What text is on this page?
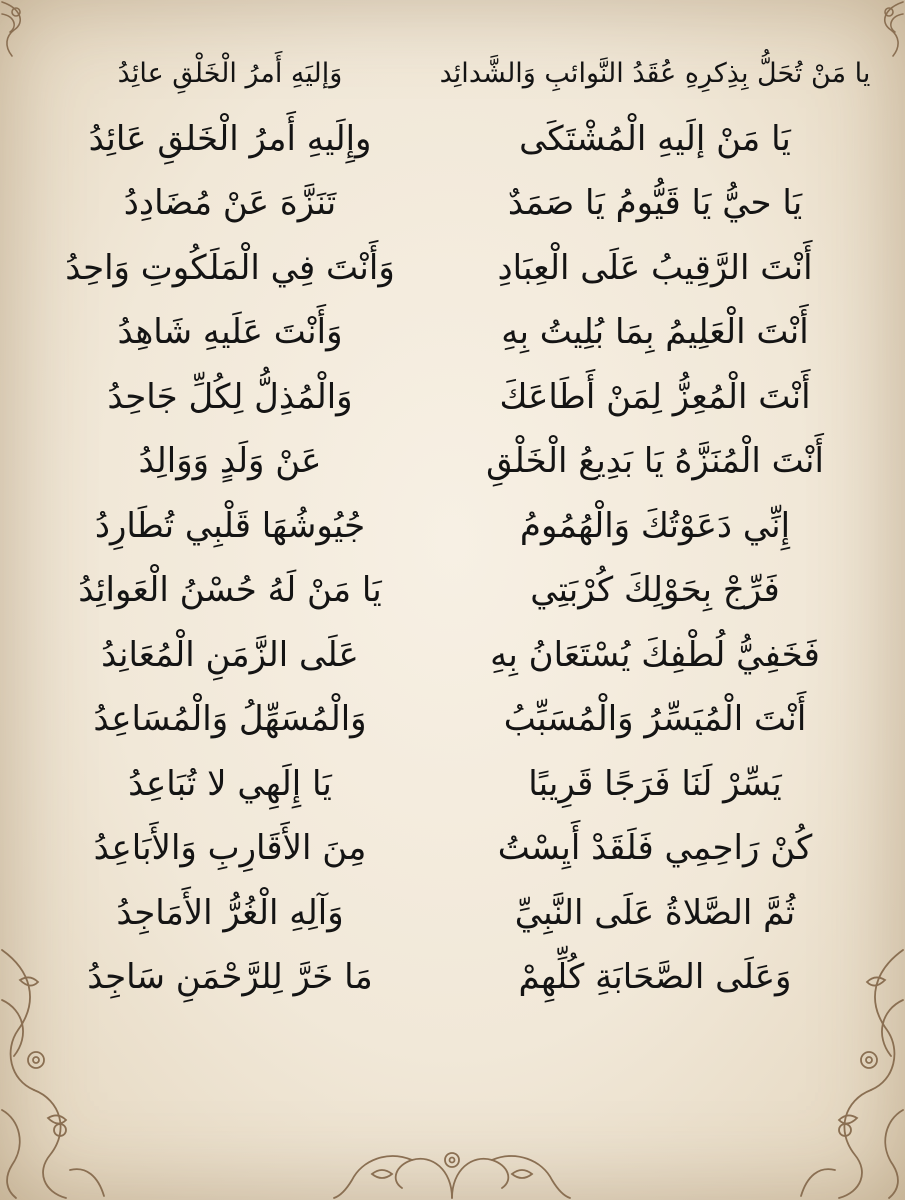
يا مَنْ تُحَلُّ بِذِكرِهِ عُقَدُ النَّوائبِ وَالشَّدائِد
وَإليَهِ أَمرُ الْخَلْقِ عائِدُ
يَا مَنْ إلَيهِ الْمُشْتَكَى
وإِلَيهِ أَمرُ الْخَلقِ عَائِدُ
يَا حيُّ يَا قَيُّومُ يَا صَمَدٌ
تَنَزَّهَ عَنْ مُضَادِدُ
أَنْتَ الرَّقِيبُ عَلَى الْعِبَادِ
وَأَنْتَ فِي الْمَلَكُوتِ وَاحِدُ
أَنْتَ الْعَلِيمُ بِمَا بُلِيتُ بِهِ
وَأَنْتَ عَلَيهِ شَاهِدُ
أَنْتَ الْمُعِزُّ لِمَنْ أَطَاعَكَ
وَالْمُذِلُّ لِكُلِّ جَاحِدُ
أَنْتَ الْمُنَزَّهُ يَا بَدِيعُ الْخَلْقِ
عَنْ وَلَدٍ وَوَالِدُ
إِنِّي دَعَوْتُكَ وَالْهُمُومُ
جُيُوشُهَا قَلْبِي تُطَارِدُ
فَرِّجْ بِحَوْلِكَ كُرْبَتِي
يَا مَنْ لَهُ حُسْنُ الْعَوائِدُ
فَخَفِيُّ لُطْفِكَ يُسْتَعَانُ بِهِ
عَلَى الزَّمَنِ الْمُعَانِدُ
أَنْتَ الْمُيَسِّرُ وَالْمُسَبِّبُ
وَالْمُسَهِّلُ وَالْمُسَاعِدُ
يَسِّرْ لَنَا فَرَجًا قَرِيبًا
يَا إِلَهِي لا تُبَاعِدُ
كُنْ رَاحِمِي فَلَقَدْ أَيِسْتُ
مِنَ الأَقَارِبِ وَالأَبَاعِدُ
ثُمَّ الصَّلاةُ عَلَى النَّبِيِّ
وَآلِهِ الْغُرُّ الأَمَاجِدُ
وَعَلَى الصَّحَابَةِ كُلِّهِمْ
مَا خَرَّ لِلرَّحْمَنِ سَاجِدُ
